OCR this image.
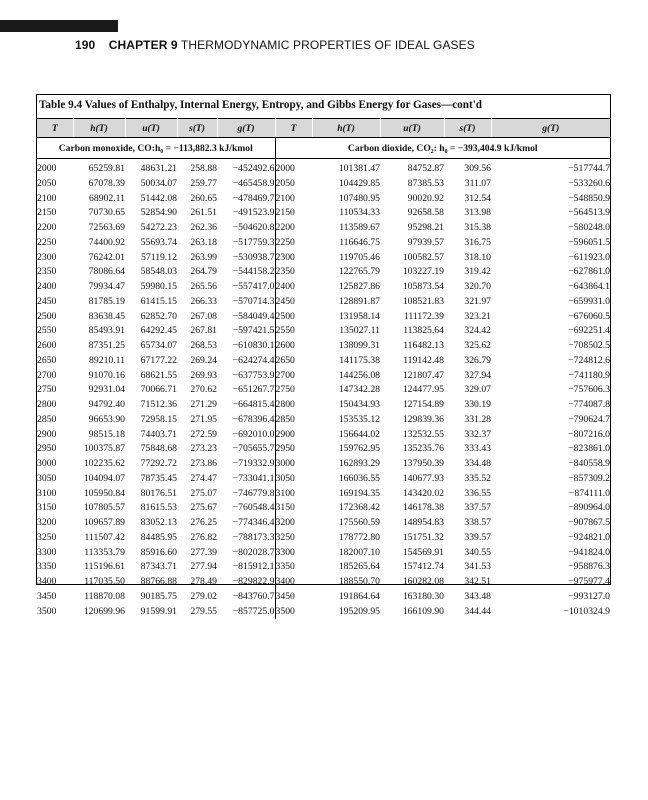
190 CHAPTER 9 THERMODYNAMIC PROPERTIES OF IDEAL GASES
Table 9.4 Values of Enthalpy, Internal Energy, Entropy, and Gibbs Energy for Gases—cont'd
T	h(T)	u(T)	s(T)	g(T)	T	h(T)	u(T)	s(T)	g(T)
Carbon monoxide, CO:h₀ = −113,882.3 kJ/kmol					Carbon dioxide, CO₂: h₀ = −393,404.9 kJ/kmol				
2000	65259.81	48631.21	258.88	−452492.6	2000	101381.47	84752.87	309.56	−517744.7
2050	67078.39	50034.07	259.77	−465458.9	2050	104429.85	87385.53	311.07	−533260.6
2100	68902.11	51442.08	260.65	−478469.7	2100	107480.95	90020.92	312.54	−548850.9
2150	70730.65	52854.90	261.51	−491523.9	2150	110534.33	92658.58	313.98	−564513.9
2200	72563.69	54272.23	262.36	−504620.8	2200	113589.67	95298.21	315.38	−580248.0
2250	74400.92	55693.74	263.18	−517759.3	2250	116646.75	97939.57	316.75	−596051.5
2300	76242.01	57119.12	263.99	−530938.7	2300	119705.46	100582.57	318.10	−611923.0
2350	78086.64	58548.03	264.79	−544158.2	2350	122765.79	103227.19	319.42	−627861.0
2400	79934.47	59980.15	265.56	−557417.0	2400	125827.86	105873.54	320.70	−643864.1
2450	81785.19	61415.15	266.33	−570714.3	2450	128891.87	108521.83	321.97	−659931.0
2500	83638.45	62852.70	267.08	−584049.4	2500	131958.14	111172.39	323.21	−676060.5
2550	85493.91	64292.45	267.81	−597421.5	2550	135027.11	113825.64	324.42	−692251.4
2600	87351.25	65734.07	268.53	−610830.1	2600	138099.31	116482.13	325.62	−708502.5
2650	89210.11	67177.22	269.24	−624274.4	2650	141175.38	119142.48	326.79	−724812.6
2700	91070.16	68621.55	269.93	−637753.9	2700	144256.08	121807.47	327.94	−741180.9
2750	92931.04	70066.71	270.62	−651267.7	2750	147342.28	124477.95	329.07	−757606.3
2800	94792.40	71512.36	271.29	−664815.4	2800	150434.93	127154.89	330.19	−774087.8
2850	96653.90	72958.15	271.95	−678396.4	2850	153535.12	129839.36	331.28	−790624.7
2900	98515.18	74403.71	272.59	−692010.0	2900	156644.02	132532.55	332.37	−807216.0
2950	100375.87	75848.68	273.23	−705655.7	2950	159762.95	135235.76	333.43	−823861.0
3000	102235.62	77292.72	273.86	−719332.9	3000	162893.29	137950.39	334.48	−840558.9
3050	104094.07	78735.45	274.47	−733041.1	3050	166036.55	140677.93	335.52	−857309.2
3100	105950.84	80176.51	275.07	−746779.8	3100	169194.35	143420.02	336.55	−874111.0
3150	107805.57	81615.53	275.67	−760548.4	3150	172368.42	146178.38	337.57	−890964.0
3200	109657.89	83052.13	276.25	−774346.4	3200	175560.59	148954.83	338.57	−907867.5
3250	111507.42	84485.95	276.82	−788173.3	3250	178772.80	151751.32	339.57	−924821.0
3300	113353.79	85916.60	277.39	−802028.7	3300	182007.10	154569.91	340.55	−941824.0
3350	115196.61	87343.71	277.94	−815912.1	3350	185265.64	157412.74	341.53	−958876.3
3400	117035.50	88766.88	278.49	−829822.9	3400	188550.70	160282.08	342.51	−975977.4
3450	118870.08	90185.75	279.02	−843760.7	3450	191864.64	163180.30	343.48	−993127.0
3500	120699.96	91599.91	279.55	−857725.0	3500	195209.95	166109.90	344.44	−1010324.9
